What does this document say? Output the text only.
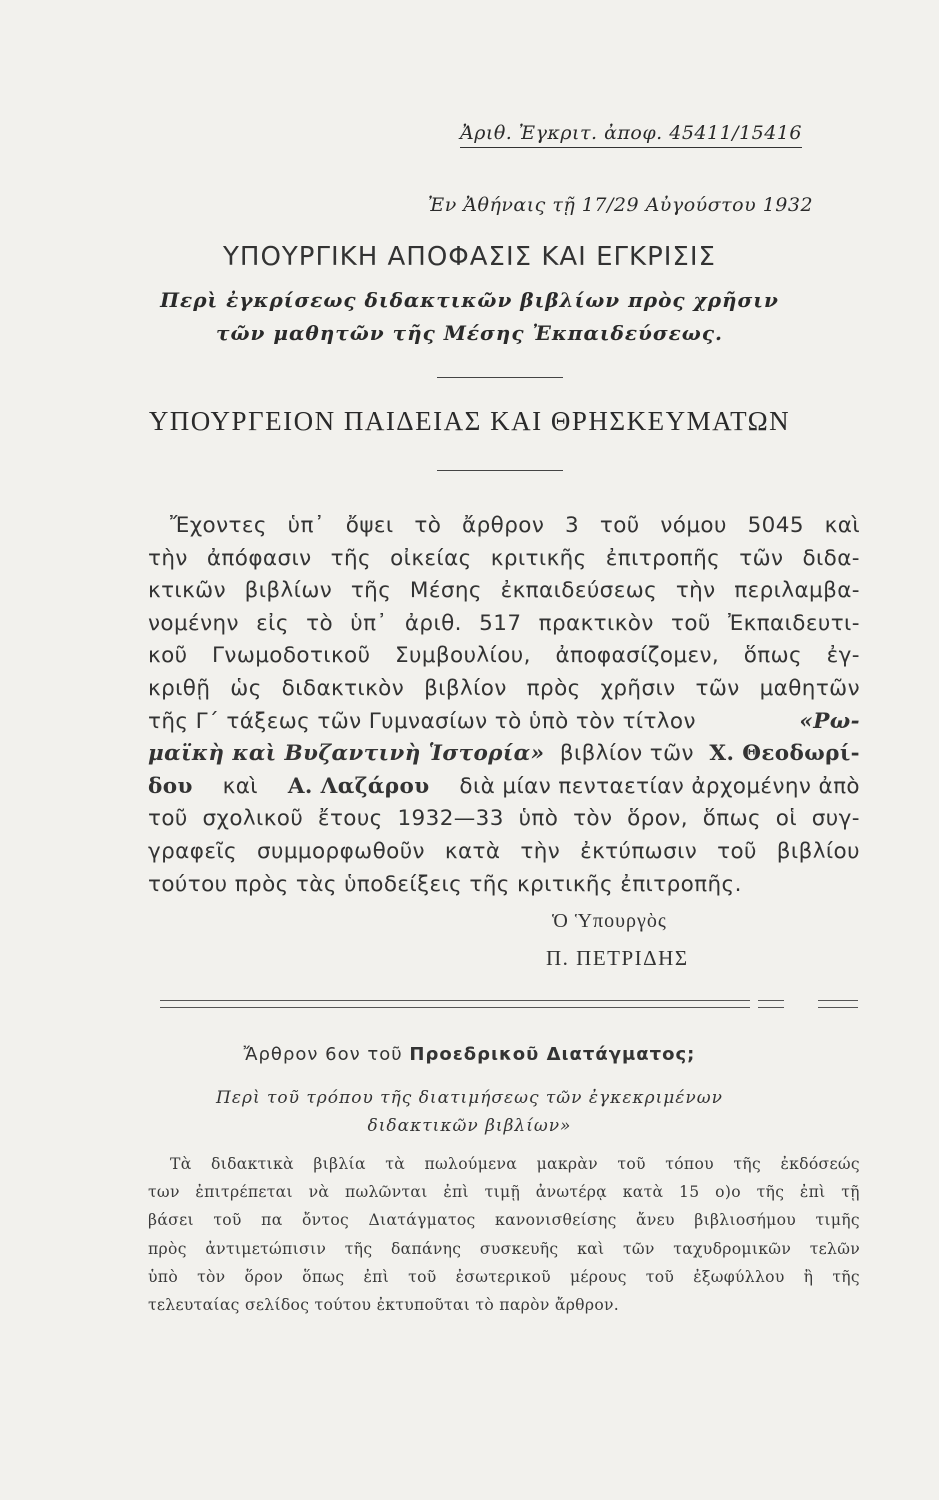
Ἀριθ. Ἐγκριτ. ἀποφ. 45411/15416
Ἐν Ἀθήναις τῇ 17/29 Αὐγούστου 1932
ΥΠΟΥΡΓΙΚΗ ΑΠΟΦΑΣΙΣ ΚΑΙ ΕΓΚΡΙΣΙΣ
Περὶ ἐγκρίσεως διδακτικῶν βιβλίων πρὸς χρῆσιν
τῶν μαθητῶν τῆς Μέσης Ἐκπαιδεύσεως.
ΥΠΟΥΡΓΕΙΟΝ ΠΑΙΔΕΙΑΣ ΚΑΙ ΘΡΗΣΚΕΥΜΑΤΩΝ
Ἔχοντες ὑπ᾽ ὄψει τὸ ἄρθρον 3 τοῦ νόμου 5045 καὶ
τὴν ἀπόφασιν τῆς οἰκείας κριτικῆς ἐπιτροπῆς τῶν διδα-
κτικῶν βιβλίων τῆς Μέσης ἐκπαιδεύσεως τὴν περιλαμβα-
νομένην εἰς τὸ ὑπ᾽ ἀριθ. 517 πρακτικὸν τοῦ Ἐκπαιδευτι-
κοῦ Γνωμοδοτικοῦ Συμβουλίου, ἀποφασίζομεν, ὅπως ἐγ-
κριθῇ ὡς διδακτικὸν βιβλίον πρὸς χρῆσιν τῶν μαθητῶν
τῆς Γ´ τάξεως τῶν Γυμνασίων τὸ ὑπὸ τὸν τίτλον	«Ρω-
μαϊκὴ καὶ Βυζαντινὴ Ἱστορία» βιβλίον τῶν Χ. Θεοδωρί-
δου καὶ Α. Λαζάρου διὰ μίαν πενταετίαν ἀρχομένην ἀπὸ
τοῦ σχολικοῦ ἔτους 1932—33 ὑπὸ τὸν ὅρον, ὅπως οἱ συγ-
γραφεῖς συμμορφωθοῦν κατὰ τὴν ἐκτύπωσιν τοῦ βιβλίου
τούτου πρὸς τὰς ὑποδείξεις τῆς κριτικῆς ἐπιτροπῆς.
Ὁ Ὑπουργὸς
Π. ΠΕΤΡΙΔΗΣ
Ἄρθρον 6ον τοῦ Προεδρικοῦ Διατάγματος;
Περὶ τοῦ τρόπου τῆς διατιμήσεως τῶν ἐγκεκριμένων
διδακτικῶν βιβλίων»
Τὰ διδακτικὰ βιβλία τὰ πωλούμενα μακρὰν τοῦ τόπου τῆς ἐκδόσεώς
των ἐπιτρέπεται νὰ πωλῶνται ἐπὶ τιμῇ ἀνωτέρᾳ κατὰ 15 ο)ο τῆς ἐπὶ τῇ
βάσει τοῦ πα ὄντος Διατάγματος κανονισθείσης ἄνευ βιβλιοσήμου τιμῆς
πρὸς ἀντιμετώπισιν τῆς δαπάνης συσκευῆς καὶ τῶν ταχυδρομικῶν τελῶν
ὑπὸ τὸν ὅρον ὅπως ἐπὶ τοῦ ἐσωτερικοῦ μέρους τοῦ ἐξωφύλλου ἢ τῆς
τελευταίας σελίδος τούτου ἐκτυποῦται τὸ παρὸν ἄρθρον.
